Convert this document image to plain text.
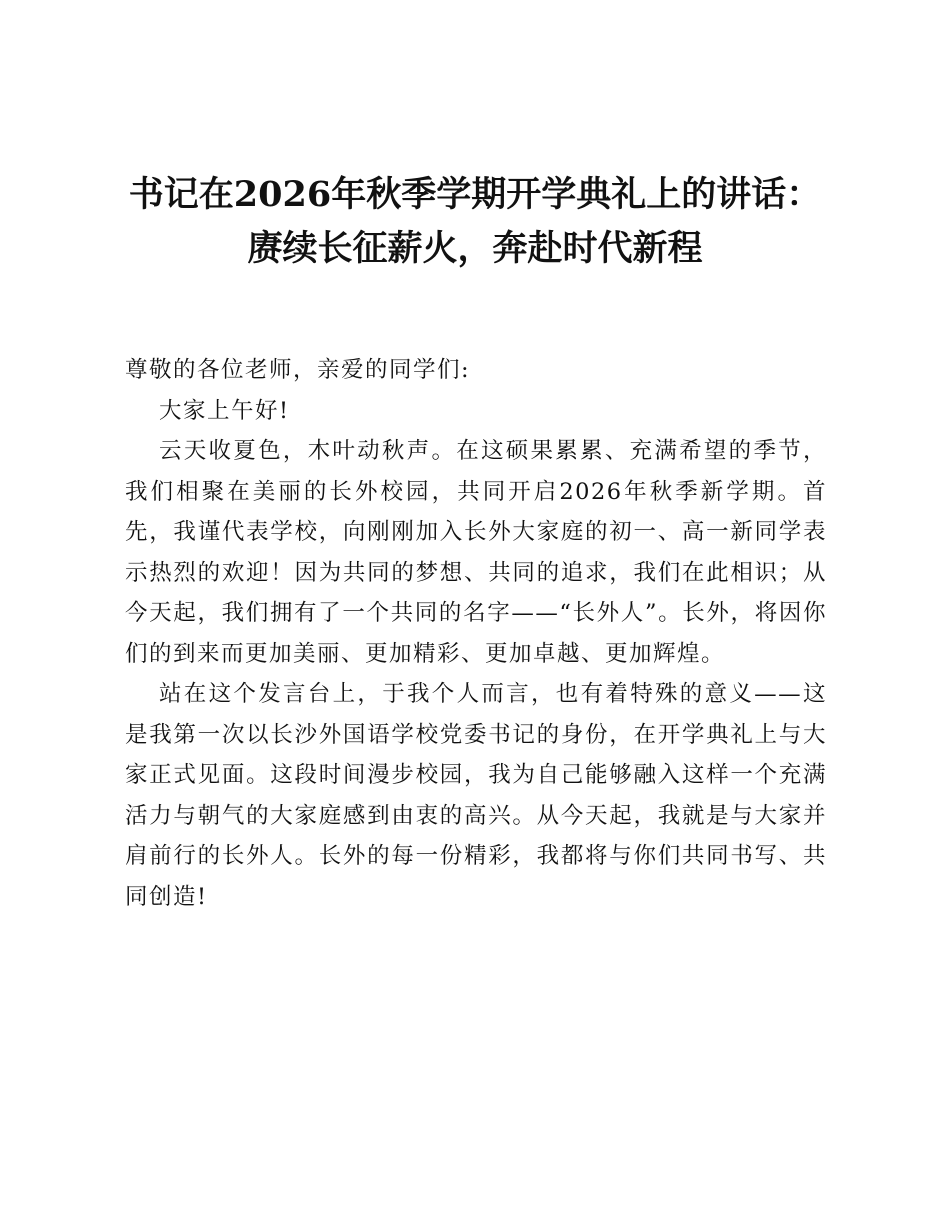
书记在2026年秋季学期开学典礼上的讲话：赓续长征薪火，奔赴时代新程

尊敬的各位老师，亲爱的同学们:

大家上午好!

云天收夏色，木叶动秋声。在这硕果累累、充满希望的季节，我们相聚在美丽的长外校园，共同开启2026年秋季新学期。首先，我谨代表学校，向刚刚加入长外大家庭的初一、高一新同学表示热烈的欢迎！因为共同的梦想、共同的追求，我们在此相识；从今天起，我们拥有了一个共同的名字——“长外人”。长外，将因你们的到来而更加美丽、更加精彩、更加卓越、更加辉煌。

站在这个发言台上，于我个人而言，也有着特殊的意义——这是我第一次以长沙外国语学校党委书记的身份，在开学典礼上与大家正式见面。这段时间漫步校园，我为自己能够融入这样一个充满活力与朝气的大家庭感到由衷的高兴。从今天起，我就是与大家并肩前行的长外人。长外的每一份精彩，我都将与你们共同书写、共同创造!
